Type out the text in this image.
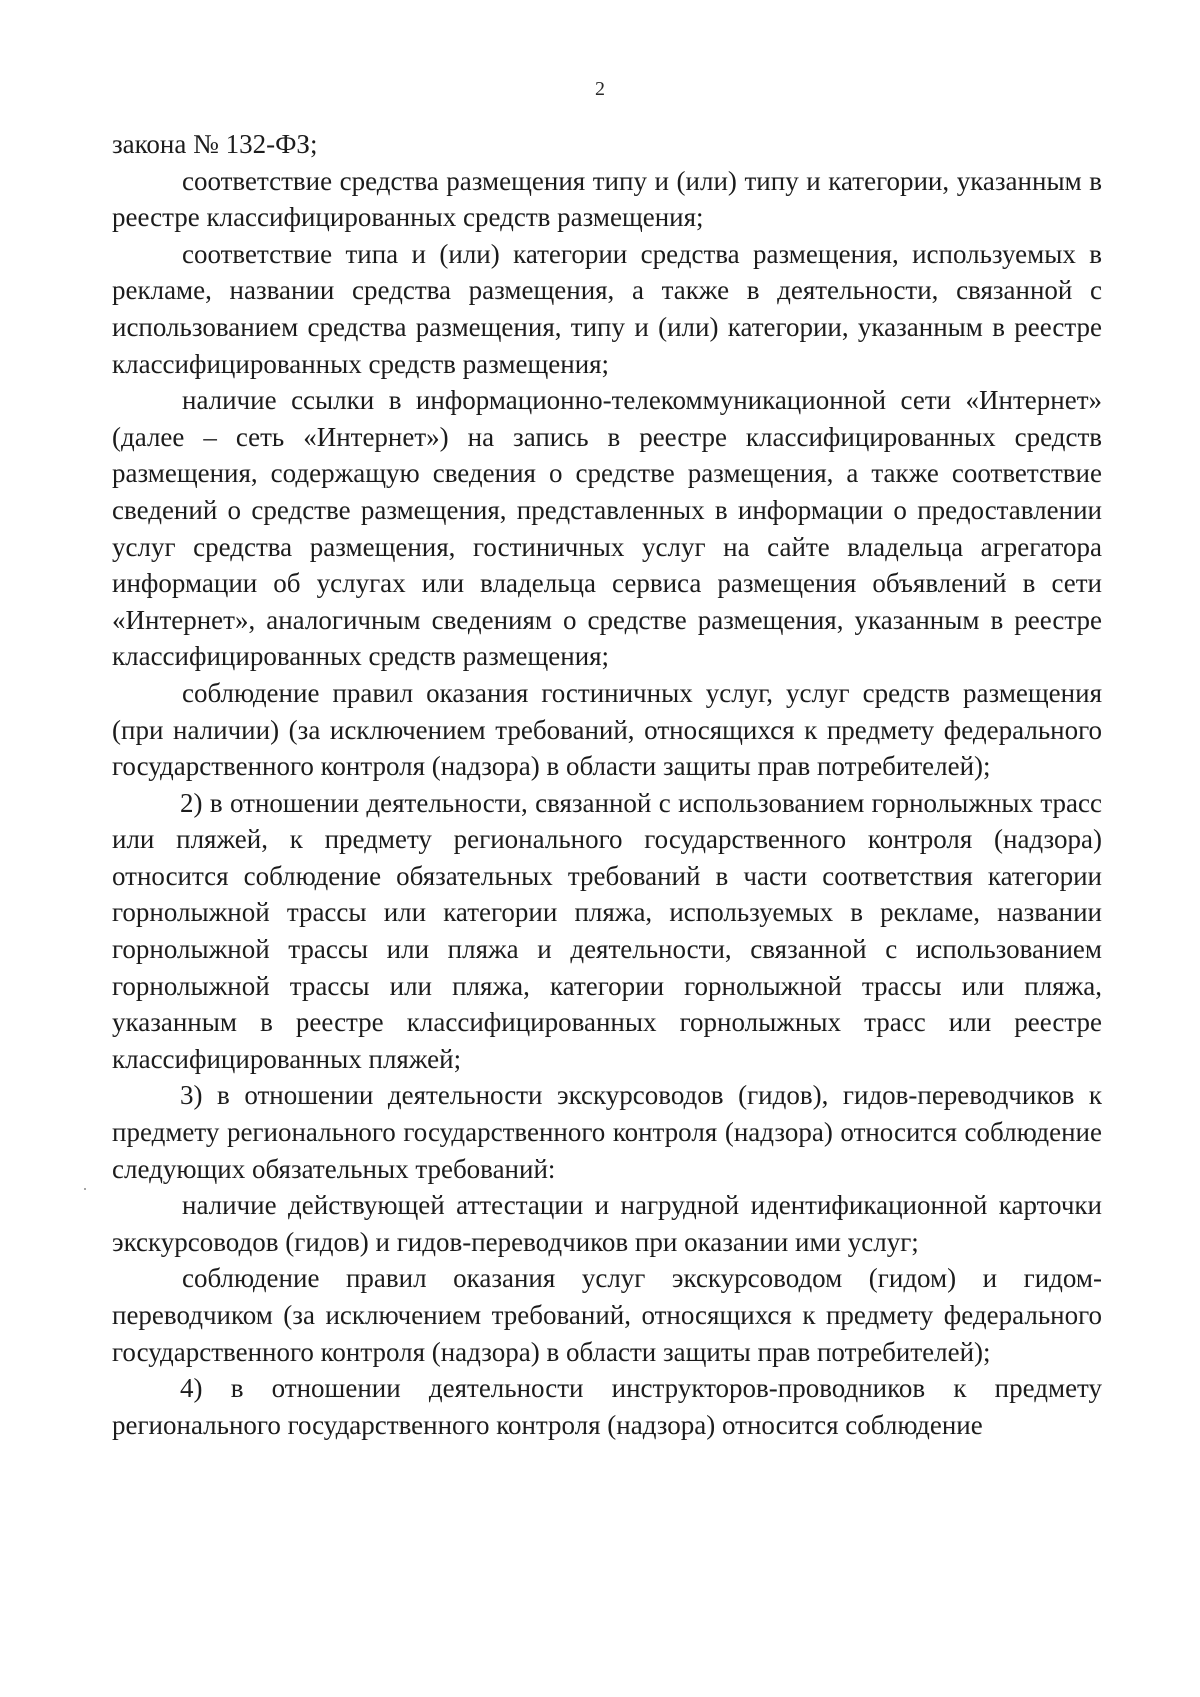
2

закона № 132-ФЗ;

соответствие средства размещения типу и (или) типу и категории, указанным в реестре классифицированных средств размещения;

соответствие типа и (или) категории средства размещения, используемых в рекламе, названии средства размещения, а также в деятельности, связанной с использованием средства размещения, типу и (или) категории, указанным в реестре классифицированных средств размещения;

наличие ссылки в информационно-телекоммуникационной сети «Интернет» (далее – сеть «Интернет») на запись в реестре классифицированных средств размещения, содержащую сведения о средстве размещения, а также соответствие сведений о средстве размещения, представленных в информации о предоставлении услуг средства размещения, гостиничных услуг на сайте владельца агрегатора информации об услугах или владельца сервиса размещения объявлений в сети «Интернет», аналогичным сведениям о средстве размещения, указанным в реестре классифицированных средств размещения;

соблюдение правил оказания гостиничных услуг, услуг средств размещения (при наличии) (за исключением требований, относящихся к предмету федерального государственного контроля (надзора) в области защиты прав потребителей);

2) в отношении деятельности, связанной с использованием горнолыжных трасс или пляжей, к предмету регионального государственного контроля (надзора) относится соблюдение обязательных требований в части соответствия категории горнолыжной трассы или категории пляжа, используемых в рекламе, названии горнолыжной трассы или пляжа и деятельности, связанной с использованием горнолыжной трассы или пляжа, категории горнолыжной трассы или пляжа, указанным в реестре классифицированных горнолыжных трасс или реестре классифицированных пляжей;

3) в отношении деятельности экскурсоводов (гидов), гидов-переводчиков к предмету регионального государственного контроля (надзора) относится соблюдение следующих обязательных требований:

наличие действующей аттестации и нагрудной идентификационной карточки экскурсоводов (гидов) и гидов-переводчиков при оказании ими услуг;

соблюдение правил оказания услуг экскурсоводом (гидом) и гидом-переводчиком (за исключением требований, относящихся к предмету федерального государственного контроля (надзора) в области защиты прав потребителей);

4) в отношении деятельности инструкторов-проводников к предмету регионального государственного контроля (надзора) относится соблюдение
